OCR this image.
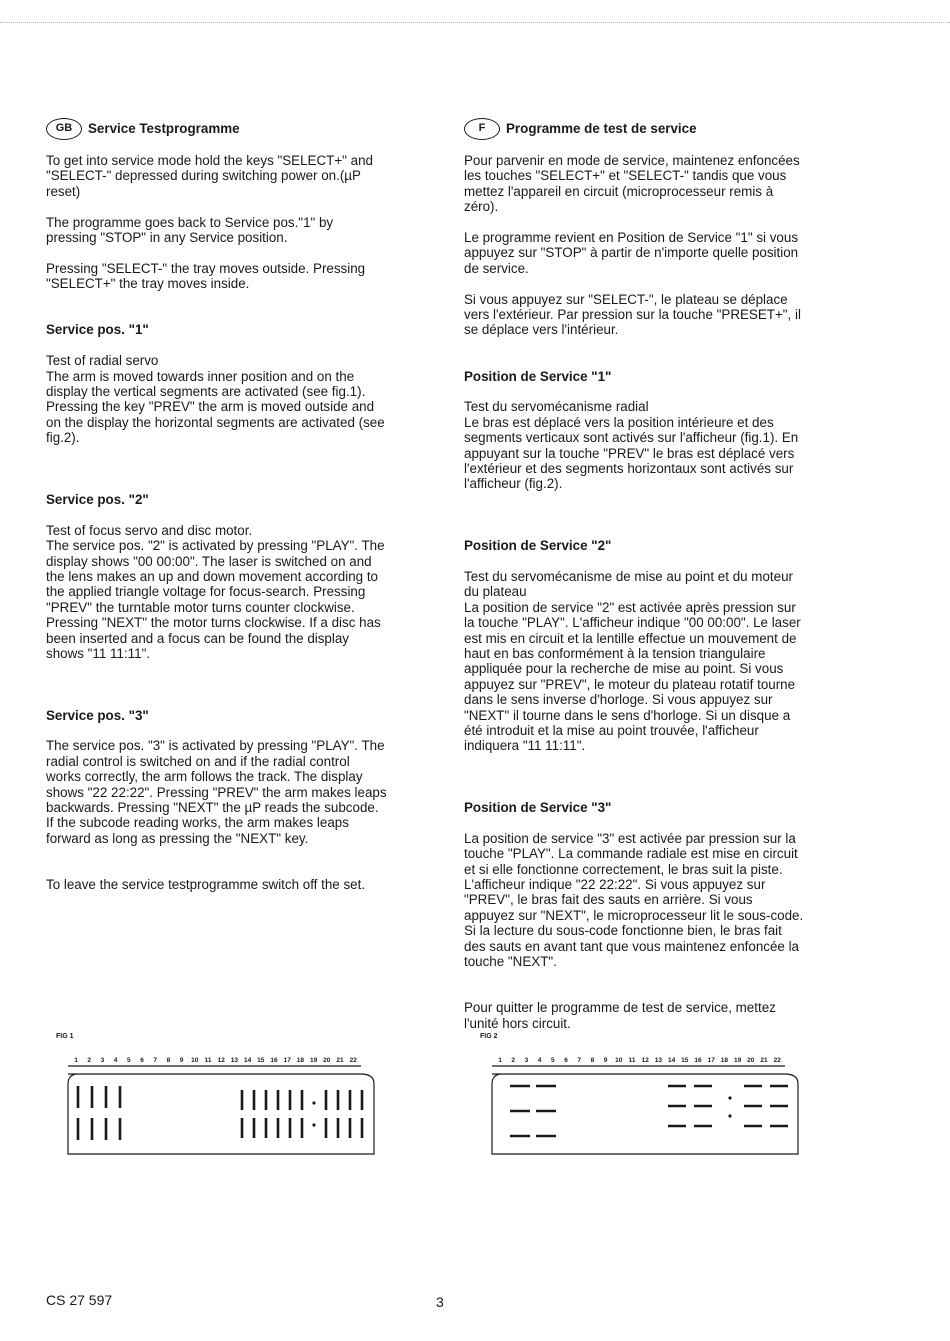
GB	Service Testprogramme

To get into service mode hold the keys "SELECT+" and
"SELECT-" depressed during switching power on.(µP
reset)

The programme goes back to Service pos."1" by
pressing "STOP" in any Service position.

Pressing "SELECT-" the tray moves outside. Pressing
"SELECT+" the tray moves inside.

Service pos. "1"

Test of radial servo
The arm is moved towards inner position and on the
display the vertical segments are activated (see fig.1).
Pressing the key "PREV" the arm is moved outside and
on the display the horizontal segments are activated (see
fig.2).

Service pos. "2"

Test of focus servo and disc motor.
The service pos. "2" is activated by pressing "PLAY". The
display shows "00 00:00". The laser is switched on and
the lens makes an up and down movement according to
the applied triangle voltage for focus-search. Pressing
"PREV" the turntable motor turns counter clockwise.
Pressing "NEXT" the motor turns clockwise. If a disc has
been inserted and a focus can be found the display
shows "11 11:11".

Service pos. "3"

The service pos. "3" is activated by pressing "PLAY". The
radial control is switched on and if the radial control
works correctly, the arm follows the track. The display
shows "22 22:22". Pressing "PREV" the arm makes leaps
backwards. Pressing "NEXT" the µP reads the subcode.
If the subcode reading works, the arm makes leaps
forward as long as pressing the "NEXT" key.

To leave the service testprogramme switch off the set.

F	Programme de test de service

Pour parvenir en mode de service, maintenez enfoncées
les touches "SELECT+" et "SELECT-" tandis que vous
mettez l'appareil en circuit (microprocesseur remis à
zéro).

Le programme revient en Position de Service "1" si vous
appuyez sur "STOP" à partir de n'importe quelle position
de service.

Si vous appuyez sur "SELECT-", le plateau se déplace
vers l'extérieur. Par pression sur la touche "PRESET+", il
se déplace vers l'intérieur.

Position de Service "1"

Test du servomécanisme radial
Le bras est déplacé vers la position intérieure et des
segments verticaux sont activés sur l'afficheur (fig.1). En
appuyant sur la touche "PREV" le bras est déplacé vers
l'extérieur et des segments horizontaux sont activés sur
l'afficheur (fig.2).

Position de Service "2"

Test du servomécanisme de mise au point et du moteur
du plateau
La position de service "2" est activée après pression sur
la touche "PLAY". L'afficheur indique "00 00:00". Le laser
est mis en circuit et la lentille effectue un mouvement de
haut en bas conformément à la tension triangulaire
appliquée pour la recherche de mise au point. Si vous
appuyez sur "PREV", le moteur du plateau rotatif tourne
dans le sens inverse d'horloge. Si vous appuyez sur
"NEXT" il tourne dans le sens d'horloge. Si un disque a
été introduit et la mise au point trouvée, l'afficheur
indiquera "11 11:11".

Position de Service "3"

La position de service "3" est activée par pression sur la
touche "PLAY". La commande radiale est mise en circuit
et si elle fonctionne correctement, le bras suit la piste.
L'afficheur indique "22 22:22". Si vous appuyez sur
"PREV", le bras fait des sauts en arrière. Si vous
appuyez sur "NEXT", le microprocesseur lit le sous-code.
Si la lecture du sous-code fonctionne bien, le bras fait
des sauts en avant tant que vous maintenez enfoncée la
touche "NEXT".

Pour quitter le programme de test de service, mettez
l'unité hors circuit.

FIG 1
1 2 3 4 5 6 7 8 9 10 11 12 13 14 15 16 17 18 19 20 21 22
FIG 2
1 2 3 4 5 6 7 8 9 10 11 12 13 14 15 16 17 18 19 20 21 22
CS 27 597	3
